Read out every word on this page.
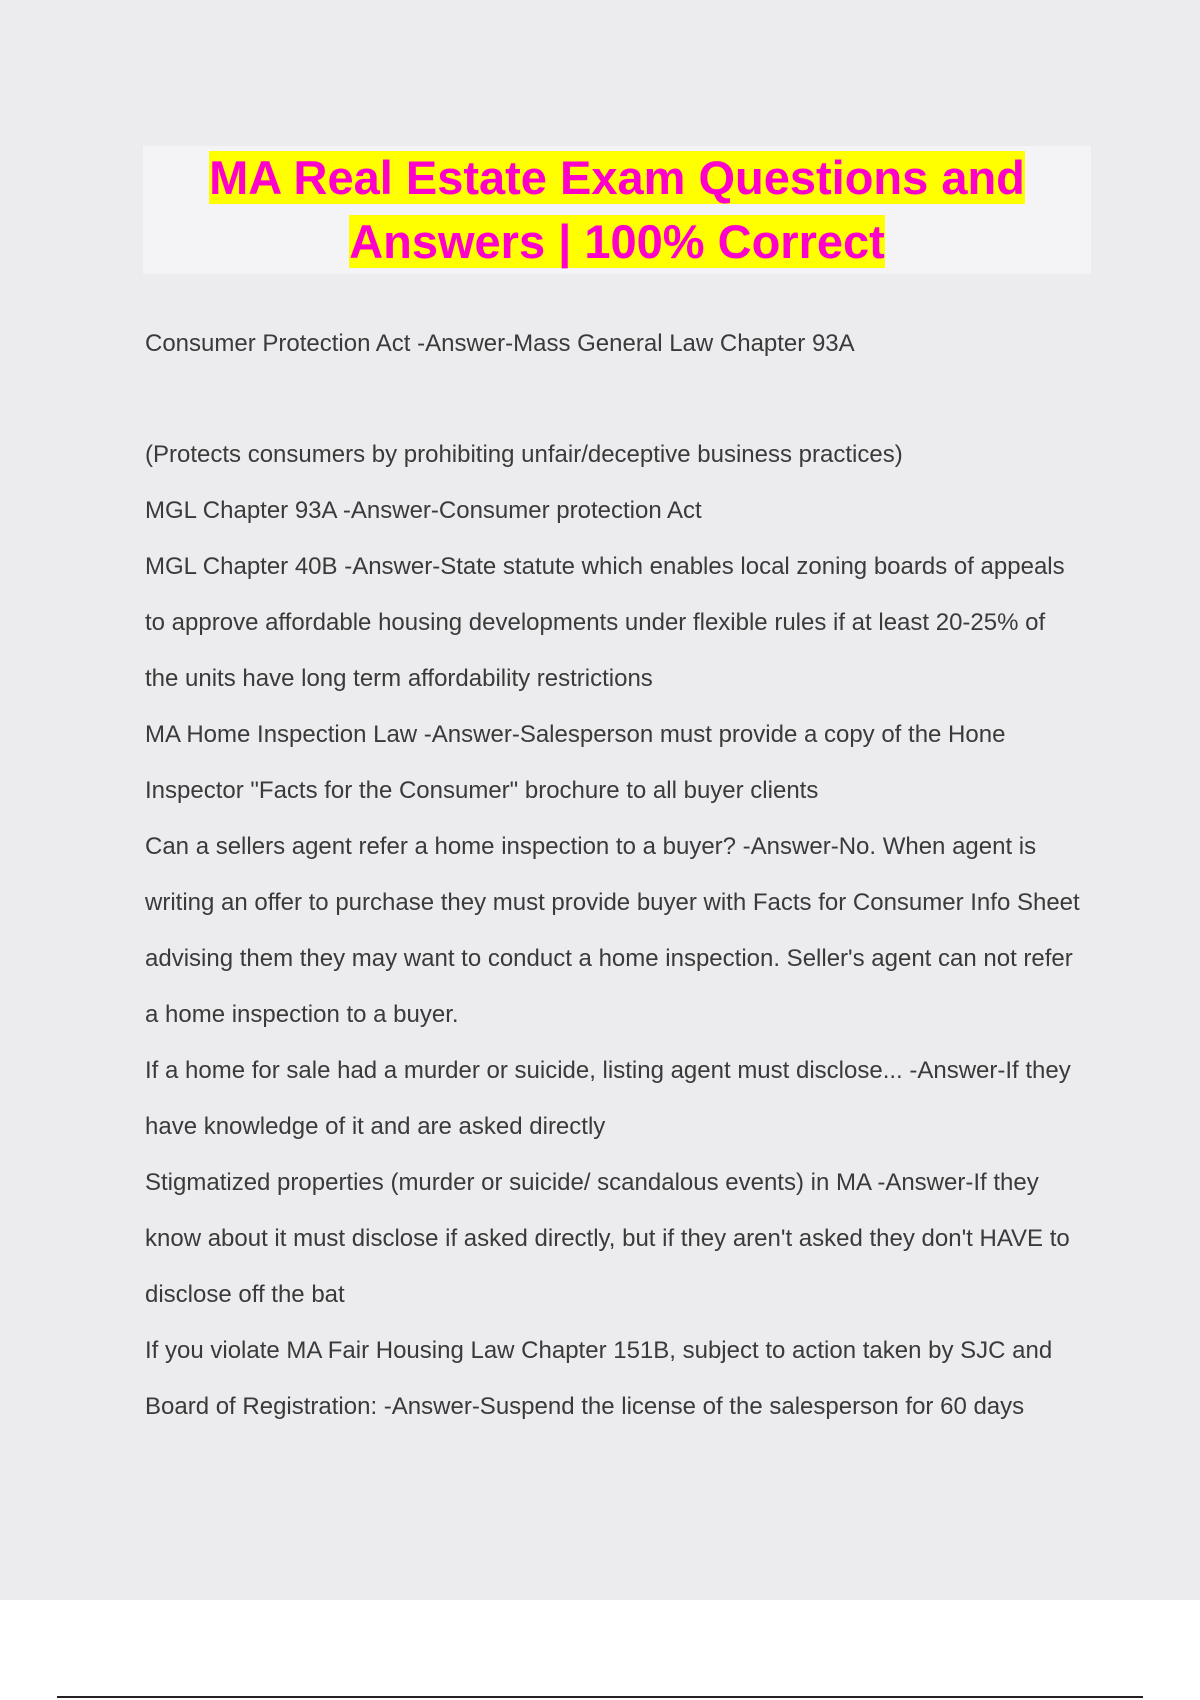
MA Real Estate Exam Questions and
Answers | 100% Correct
Consumer Protection Act -Answer-Mass General Law Chapter 93A
(Protects consumers by prohibiting unfair/deceptive business practices)
MGL Chapter 93A -Answer-Consumer protection Act
MGL Chapter 40B -Answer-State statute which enables local zoning boards of appeals
to approve affordable housing developments under flexible rules if at least 20-25% of
the units have long term affordability restrictions
MA Home Inspection Law -Answer-Salesperson must provide a copy of the Hone
Inspector "Facts for the Consumer" brochure to all buyer clients
Can a sellers agent refer a home inspection to a buyer? -Answer-No. When agent is
writing an offer to purchase they must provide buyer with Facts for Consumer Info Sheet
advising them they may want to conduct a home inspection. Seller's agent can not refer
a home inspection to a buyer.
If a home for sale had a murder or suicide, listing agent must disclose... -Answer-If they
have knowledge of it and are asked directly
Stigmatized properties (murder or suicide/ scandalous events) in MA -Answer-If they
know about it must disclose if asked directly, but if they aren't asked they don't HAVE to
disclose off the bat
If you violate MA Fair Housing Law Chapter 151B, subject to action taken by SJC and
Board of Registration: -Answer-Suspend the license of the salesperson for 60 days
